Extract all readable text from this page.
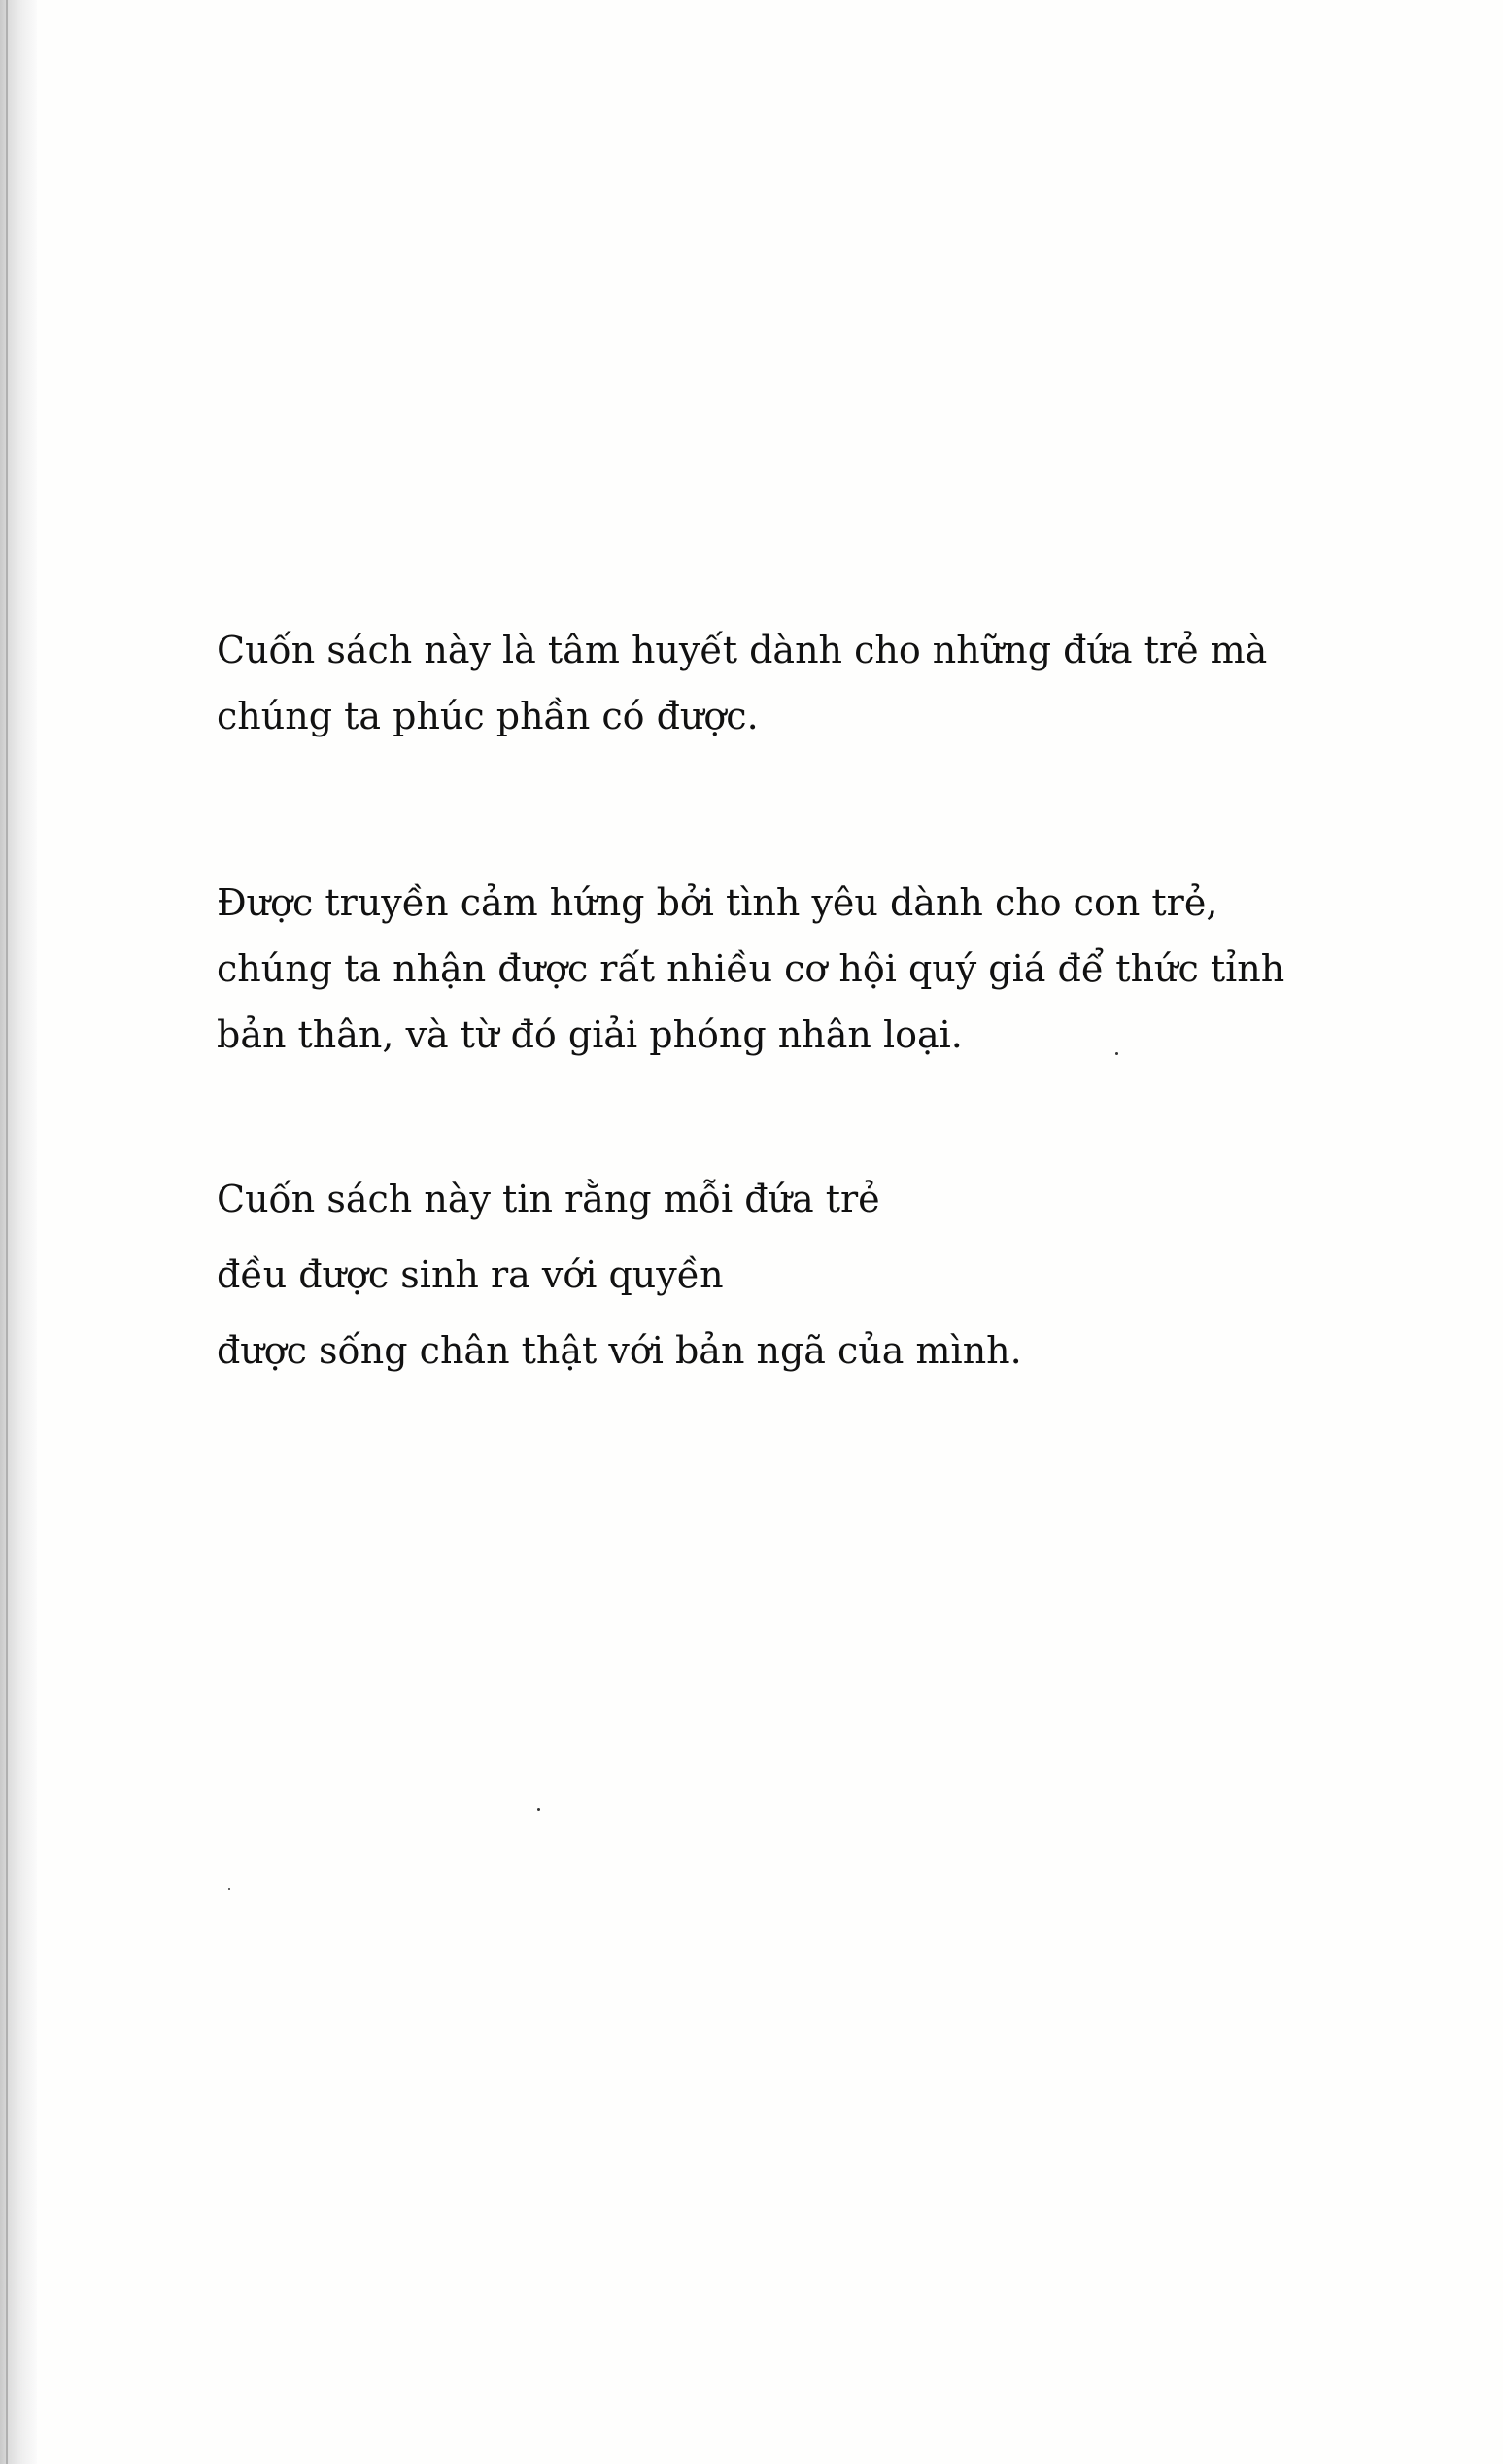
Cuốn sách này là tâm huyết dành cho những đứa trẻ mà
chúng ta phúc phần có được.
Được truyền cảm hứng bởi tình yêu dành cho con trẻ,
chúng ta nhận được rất nhiều cơ hội quý giá để thức tỉnh
bản thân, và từ đó giải phóng nhân loại.
Cuốn sách này tin rằng mỗi đứa trẻ
đều được sinh ra với quyền
được sống chân thật với bản ngã của mình.
